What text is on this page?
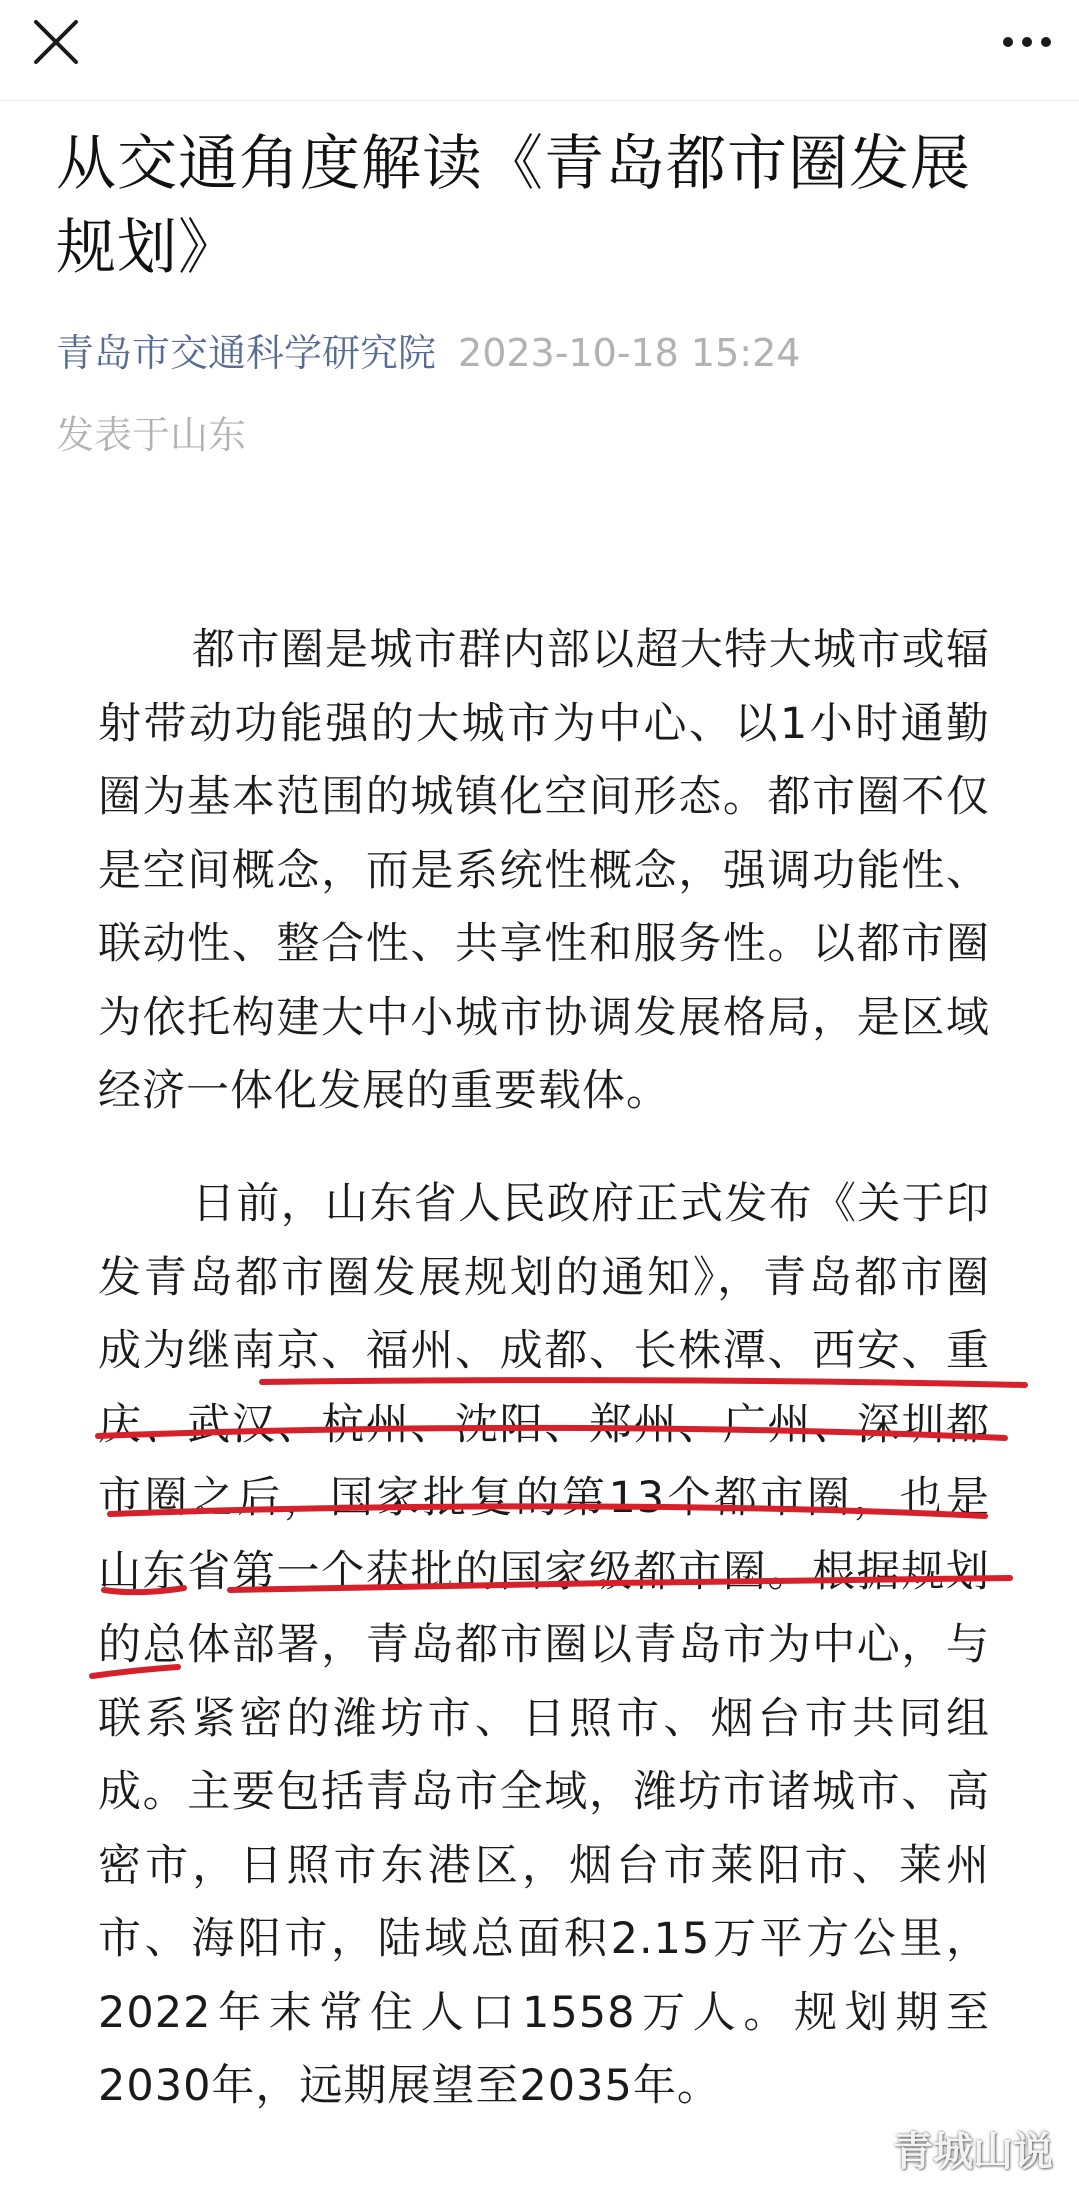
从交通角度解读《青岛都市圈发展规划》
青岛市交通科学研究院 2023-10-18 15:24
发表于山东

都市圈是城市群内部以超大特大城市或辐射带动功能强的大城市为中心、以1小时通勤圈为基本范围的城镇化空间形态。都市圈不仅是空间概念，而是系统性概念，强调功能性、联动性、整合性、共享性和服务性。以都市圈为依托构建大中小城市协调发展格局，是区域经济一体化发展的重要载体。

日前，山东省人民政府正式发布《关于印发青岛都市圈发展规划的通知》，青岛都市圈成为继南京、福州、成都、长株潭、西安、重庆、武汉、杭州、沈阳、郑州、广州、深圳都市圈之后，国家批复的第13个都市圈，也是山东省第一个获批的国家级都市圈。根据规划的总体部署，青岛都市圈以青岛市为中心，与联系紧密的潍坊市、日照市、烟台市共同组成。主要包括青岛市全域，潍坊市诸城市、高密市，日照市东港区，烟台市莱阳市、莱州市、海阳市，陆域总面积2.15万平方公里，2022年末常住人口1558万人。规划期至2030年，远期展望至2035年。

青城山说
